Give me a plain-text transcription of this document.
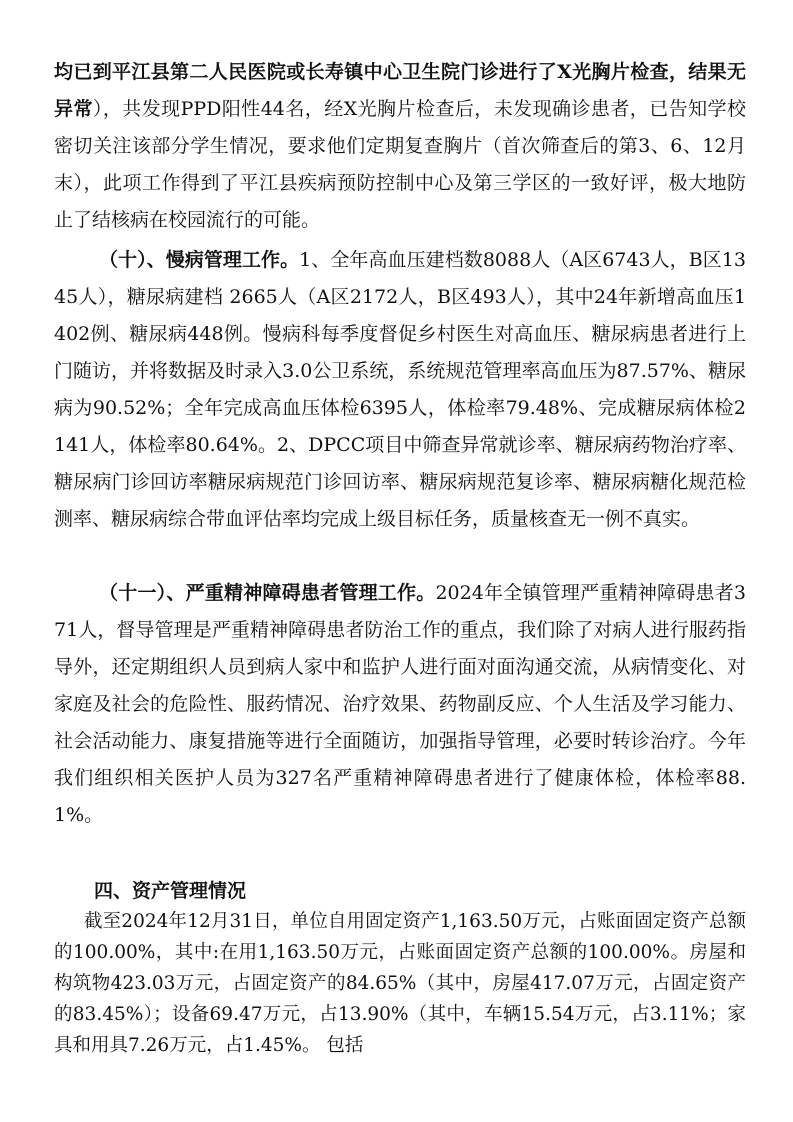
均已到平江县第二人民医院或长寿镇中心卫生院门诊进行了X光胸片检查，结果无异常），共发现PPD阳性44名，经X光胸片检查后，未发现确诊患者，已告知学校密切关注该部分学生情况，要求他们定期复查胸片（首次筛查后的第3、6、12月末），此项工作得到了平江县疾病预防控制中心及第三学区的一致好评，极大地防止了结核病在校园流行的可能。

（十）、慢病管理工作。1、全年高血压建档数8088人（A区6743人，B区1345人），糖尿病建档 2665人（A区2172人，B区493人），其中24年新增高血压1402例、糖尿病448例。慢病科每季度督促乡村医生对高血压、糖尿病患者进行上门随访，并将数据及时录入3.0公卫系统，系统规范管理率高血压为87.57%、糖尿病为90.52%；全年完成高血压体检6395人，体检率79.48%、完成糖尿病体检2141人，体检率80.64%。2、DPCC项目中筛查异常就诊率、糖尿病药物治疗率、糖尿病门诊回访率糖尿病规范门诊回访率、糖尿病规范复诊率、糖尿病糖化规范检测率、糖尿病综合带血评估率均完成上级目标任务，质量核查无一例不真实。

（十一）、严重精神障碍患者管理工作。2024年全镇管理严重精神障碍患者371人，督导管理是严重精神障碍患者防治工作的重点，我们除了对病人进行服药指导外，还定期组织人员到病人家中和监护人进行面对面沟通交流，从病情变化、对家庭及社会的危险性、服药情况、治疗效果、药物副反应、个人生活及学习能力、社会活动能力、康复措施等进行全面随访，加强指导管理，必要时转诊治疗。今年我们组织相关医护人员为327名严重精神障碍患者进行了健康体检，体检率88.1%。

四、资产管理情况

截至2024年12月31日，单位自用固定资产1,163.50万元，占账面固定资产总额的100.00%，其中:在用1,163.50万元，占账面固定资产总额的100.00%。房屋和构筑物423.03万元，占固定资产的84.65%（其中，房屋417.07万元，占固定资产的83.45%）；设备69.47万元，占13.90%（其中，车辆15.54万元，占3.11%；家具和用具7.26万元，占1.45%。 包括
